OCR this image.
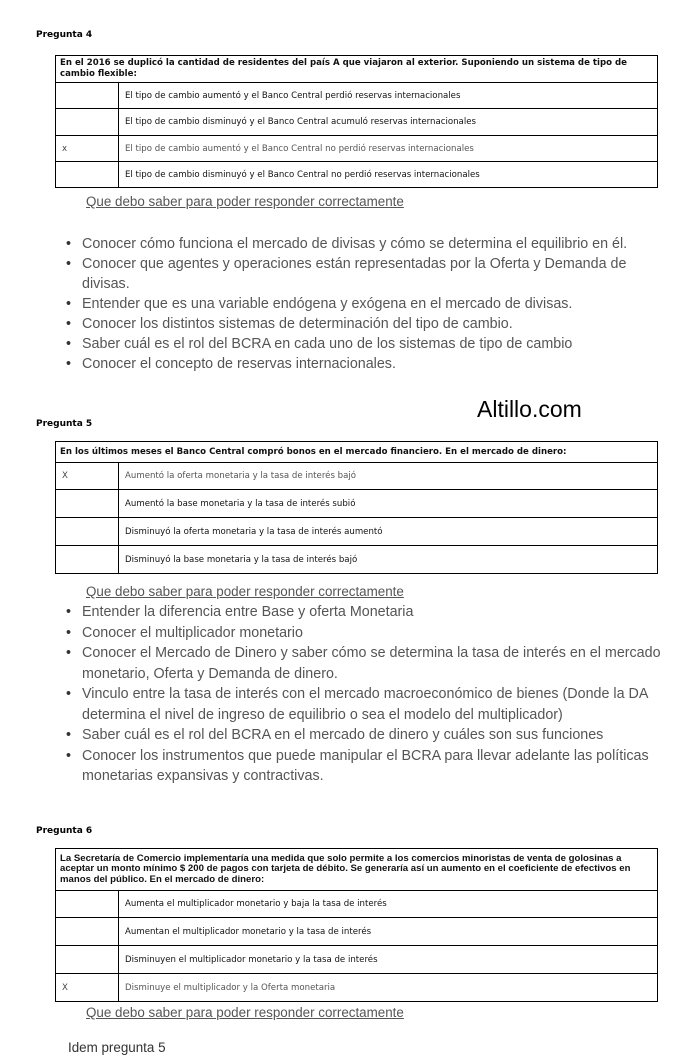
Pregunta 4
En el 2016 se duplicó la cantidad de residentes del país A que viajaron al exterior. Suponiendo un sistema de tipo de cambio flexible:	
	El tipo de cambio aumentó y el Banco Central perdió reservas internacionales
	El tipo de cambio disminuyó y el Banco Central acumuló reservas internacionales
x	El tipo de cambio aumentó y el Banco Central no perdió reservas internacionales
	El tipo de cambio disminuyó y el Banco Central no perdió reservas internacionales
Que debo saber para poder responder correctamente
• Conocer cómo funciona el mercado de divisas y cómo se determina el equilibrio en él.
• Conocer que agentes y operaciones están representadas por la Oferta y Demanda de divisas.
• Entender que es una variable endógena y exógena en el mercado de divisas.
• Conocer los distintos sistemas de determinación del tipo de cambio.
• Saber cuál es el rol del BCRA en cada uno de los sistemas de tipo de cambio
• Conocer el concepto de reservas internacionales.
Altillo.com
Pregunta 5
En los últimos meses el Banco Central compró bonos en el mercado financiero. En el mercado de dinero:	
X	Aumentó la oferta monetaria y la tasa de interés bajó
	Aumentó la base monetaria y la tasa de interés subió
	Disminuyó la oferta monetaria y la tasa de interés aumentó
	Disminuyó la base monetaria y la tasa de interés bajó
Que debo saber para poder responder correctamente
• Entender la diferencia entre Base y oferta Monetaria
• Conocer el multiplicador monetario
• Conocer el Mercado de Dinero y saber cómo se determina la tasa de interés en el mercado monetario, Oferta y Demanda de dinero.
• Vinculo entre la tasa de interés con el mercado macroeconómico de bienes (Donde la DA determina el nivel de ingreso de equilibrio o sea el modelo del multiplicador)
• Saber cuál es el rol del BCRA en el mercado de dinero y cuáles son sus funciones
• Conocer los instrumentos que puede manipular el BCRA para llevar adelante las políticas monetarias expansivas y contractivas.
Pregunta 6
La Secretaría de Comercio implementaría una medida que solo permite a los comercios minoristas de venta de golosinas a aceptar un monto mínimo $ 200 de pagos con tarjeta de débito. Se generaría así un aumento en el coeficiente de efectivos en manos del público. En el mercado de dinero:	
	Aumenta el multiplicador monetario y baja la tasa de interés
	Aumentan el multiplicador monetario y la tasa de interés
	Disminuyen el multiplicador monetario y la tasa de interés
X	Disminuye el multiplicador y la Oferta monetaria
Que debo saber para poder responder correctamente
Idem pregunta 5
